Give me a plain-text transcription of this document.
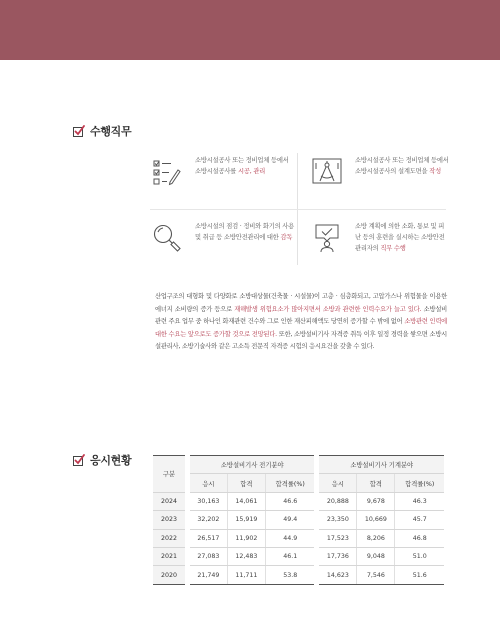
수행직무
소방시설공사 또는 정비업체 등에서 소방시설공사를 시공, 관리
소방시설공사 또는 정비업체 등에서 소방시설공사의 설계도면을 작성
소방시설의 점검 · 정비와 화기의 사용 및 취급 등 소방안전관리에 대한 감독
소방 계획에 의한 소화, 통보 및 피난 등의 훈련을 실시하는 소방안전관리자의 직무 수행
산업구조의 대형화 및 다양화로 소방대상물(건축물 · 시설물)이 고층 · 심층화되고, 고압가스나 위험물을 이용한 에너지 소비량의 증가 등으로 재해발생 위험요소가 많아지면서 소방과 관련한 인력수요가 늘고 있다. 소방설비 관련 주요 업무 중 하나인 화재관련 건수와 그로 인한 재산피해액도 당연히 증가할 수 밖에 없어 소방관련 인력에 대한 수요는 앞으로도 증가할 것으로 전망된다. 또한, 소방설비기사 자격증 취득 이후 일정 경력을 쌓으면 소방시설관리사, 소방기술사와 같은 고소득 전문직 자격증 시험의 응시요건을 갖출 수 있다.
응시현황
구분		소방설비기사 전기분야				소방설비기사 기계분야		
		응시	합격	합격률(%)		응시	합격	합격률(%)
2024		30,163	14,061	46.6		20,888	9,678	46.3
2023		32,202	15,919	49.4		23,350	10,669	45.7
2022		26,517	11,902	44.9		17,523	8,206	46.8
2021		27,083	12,483	46.1		17,736	9,048	51.0
2020		21,749	11,711	53.8		14,623	7,546	51.6
